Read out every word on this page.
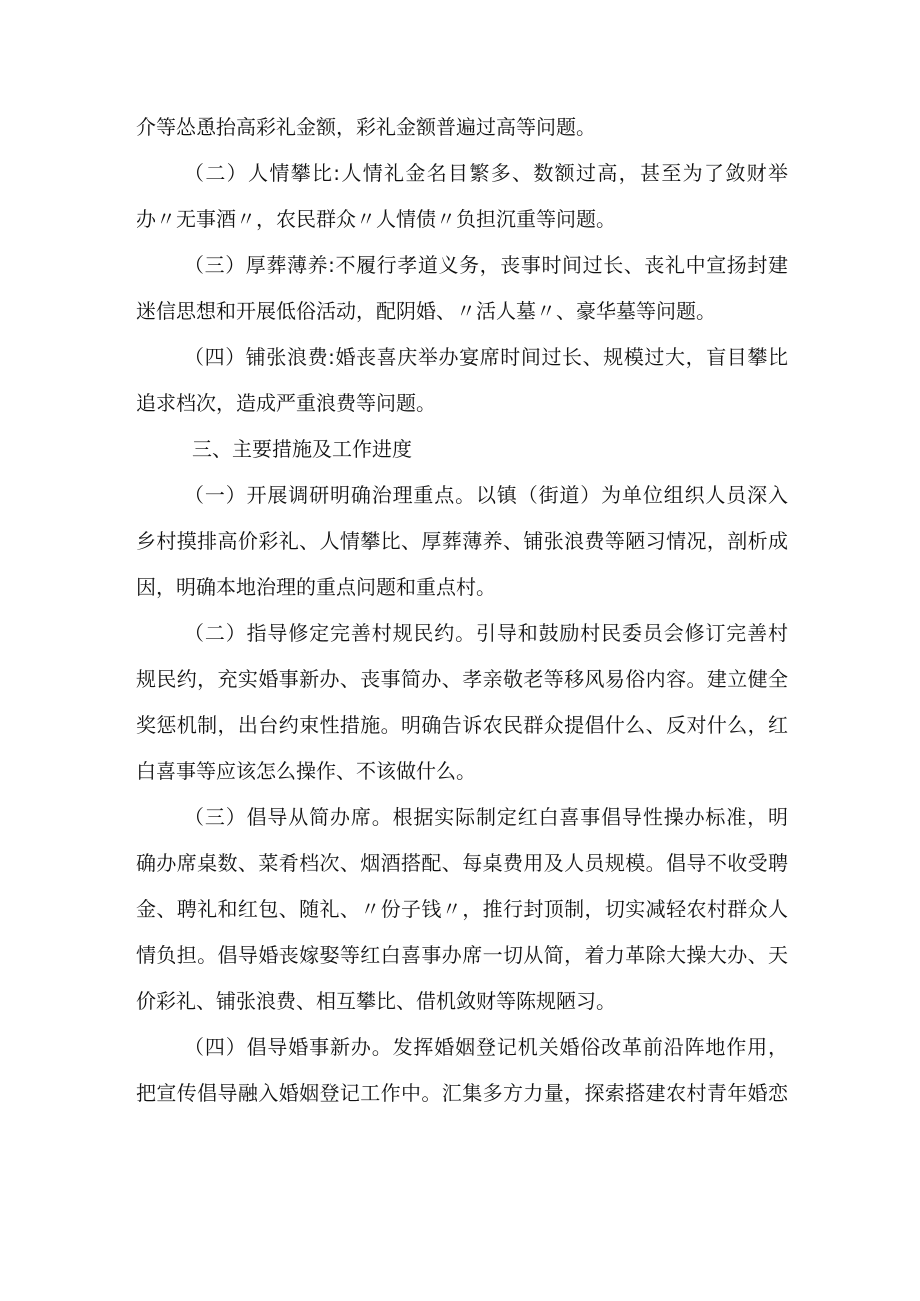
介等怂恿抬高彩礼金额，彩礼金额普遍过高等问题。
（二）人情攀比:人情礼金名目繁多、数额过高，甚至为了敛财举
办〃无事酒〃，农民群众〃人情债〃负担沉重等问题。
（三）厚葬薄养:不履行孝道义务，丧事时间过长、丧礼中宣扬封建
迷信思想和开展低俗活动，配阴婚、〃活人墓〃、豪华墓等问题。
（四）铺张浪费:婚丧喜庆举办宴席时间过长、规模过大，盲目攀比
追求档次，造成严重浪费等问题。
三、主要措施及工作进度
（一）开展调研明确治理重点。以镇（街道）为单位组织人员深入
乡村摸排高价彩礼、人情攀比、厚葬薄养、铺张浪费等陋习情况，剖析成
因，明确本地治理的重点问题和重点村。
（二）指导修定完善村规民约。引导和鼓励村民委员会修订完善村
规民约，充实婚事新办、丧事简办、孝亲敬老等移风易俗内容。建立健全
奖惩机制，出台约束性措施。明确告诉农民群众提倡什么、反对什么，红
白喜事等应该怎么操作、不该做什么。
（三）倡导从简办席。根据实际制定红白喜事倡导性操办标准，明
确办席桌数、菜肴档次、烟酒搭配、每桌费用及人员规模。倡导不收受聘
金、聘礼和红包、随礼、〃份子钱〃，推行封顶制，切实减轻农村群众人
情负担。倡导婚丧嫁娶等红白喜事办席一切从简，着力革除大操大办、天
价彩礼、铺张浪费、相互攀比、借机敛财等陈规陋习。
（四）倡导婚事新办。发挥婚姻登记机关婚俗改革前沿阵地作用，
把宣传倡导融入婚姻登记工作中。汇集多方力量，探索搭建农村青年婚恋
